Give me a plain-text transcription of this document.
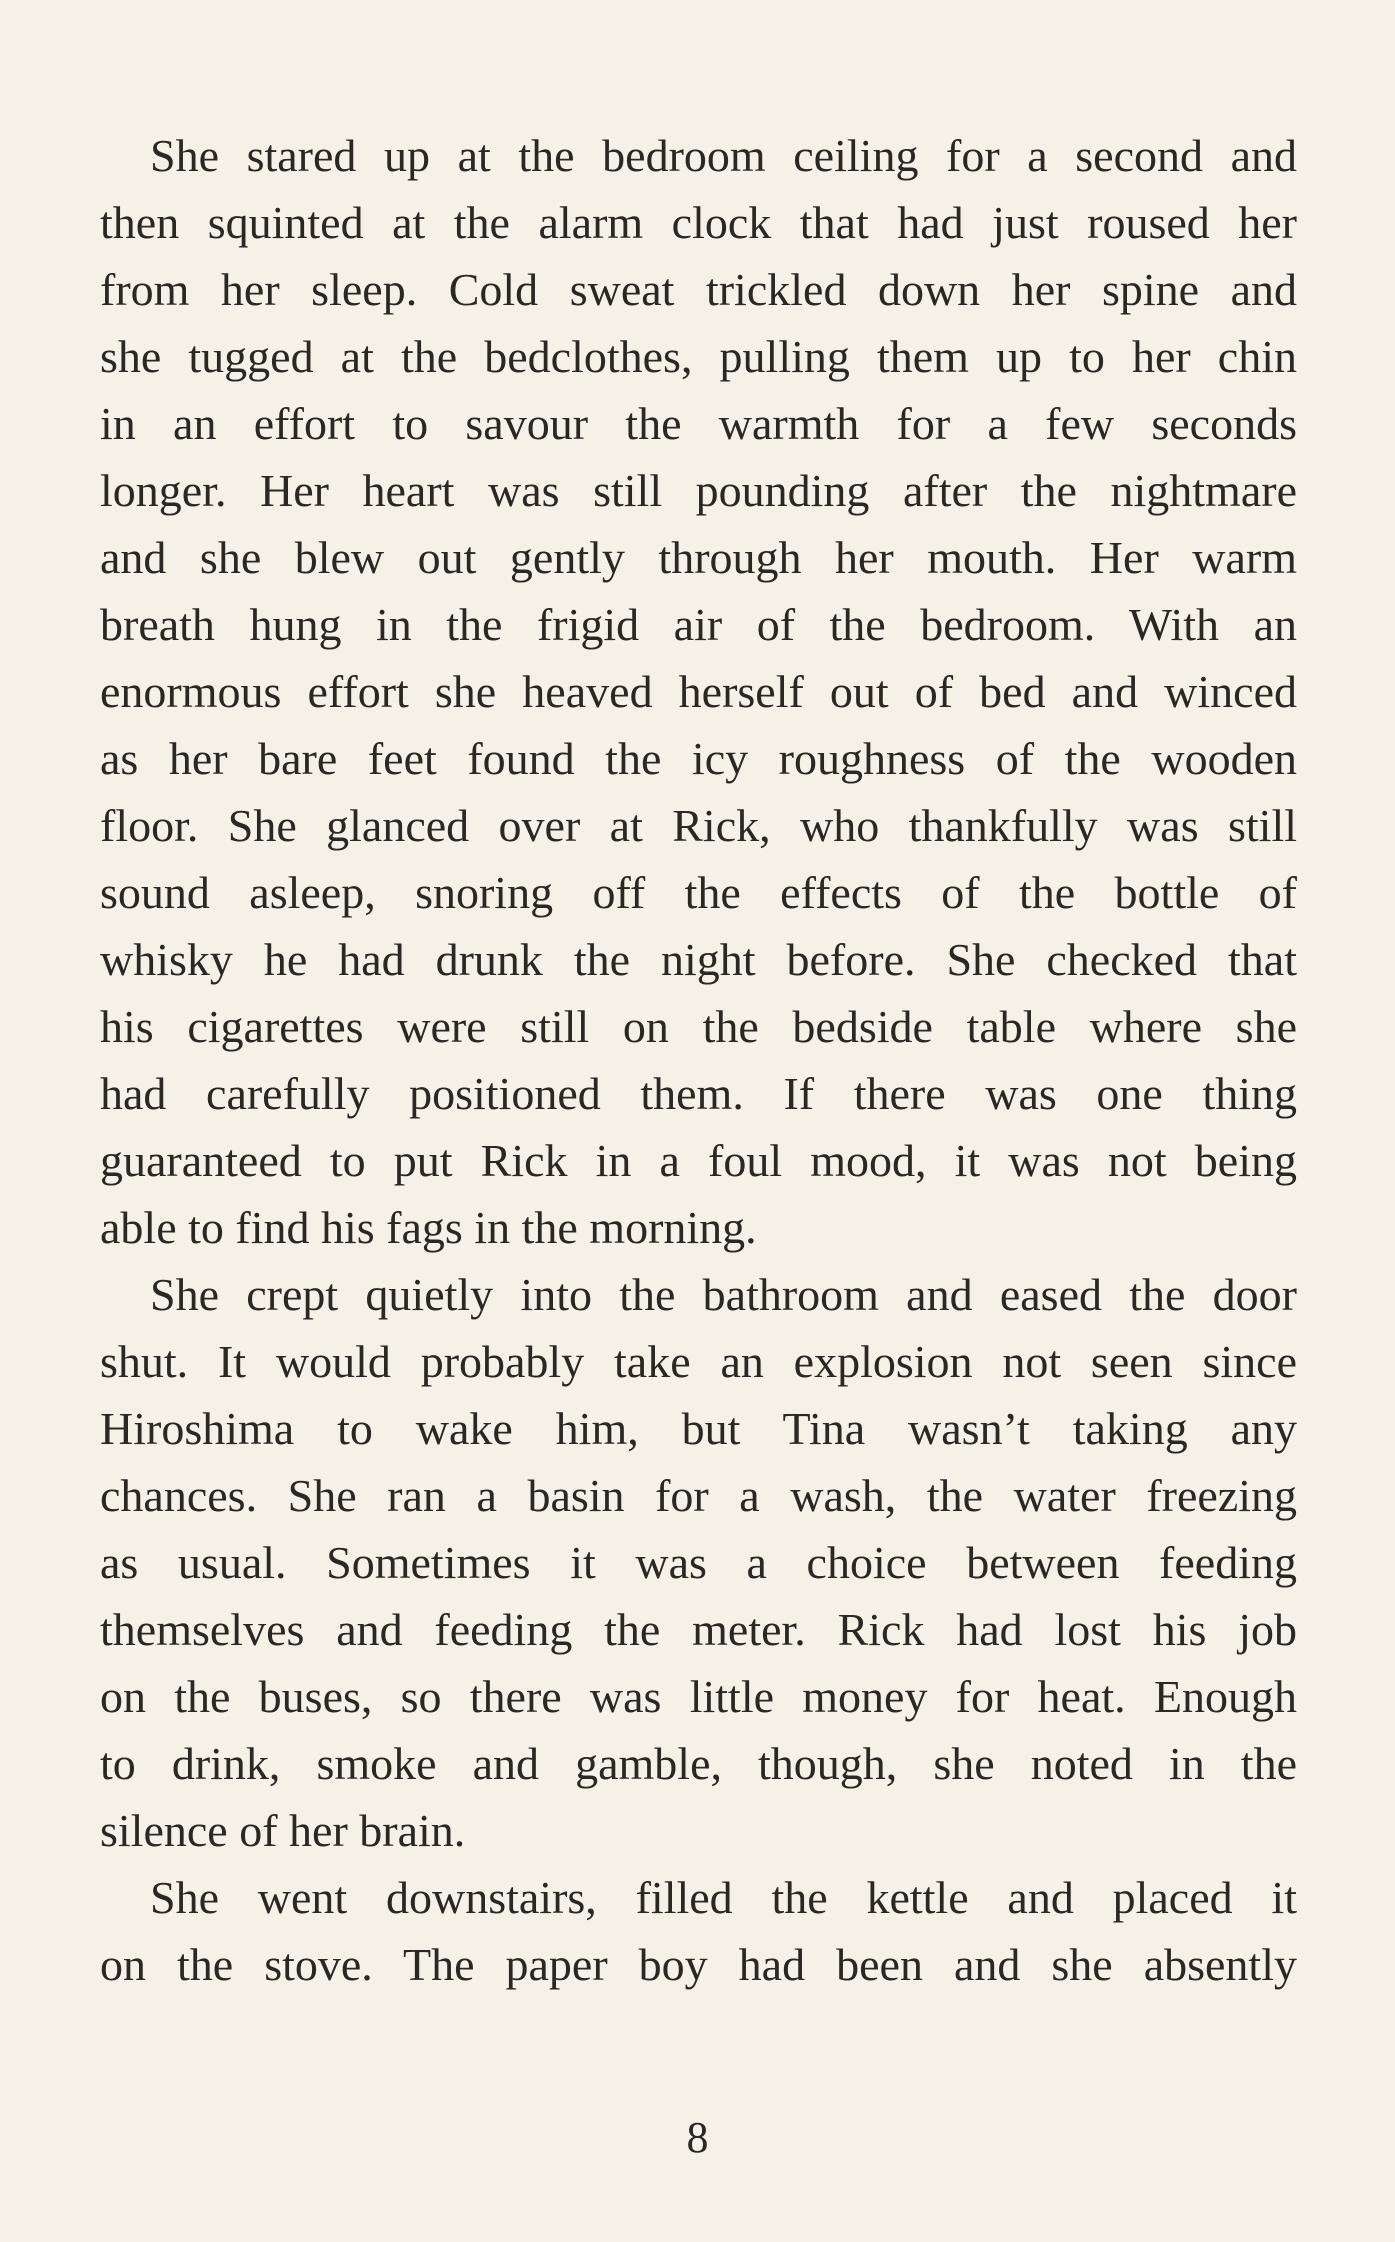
She stared up at the bedroom ceiling for a second and
then squinted at the alarm clock that had just roused her
from her sleep. Cold sweat trickled down her spine and
she tugged at the bedclothes, pulling them up to her chin
in an effort to savour the warmth for a few seconds
longer. Her heart was still pounding after the nightmare
and she blew out gently through her mouth. Her warm
breath hung in the frigid air of the bedroom. With an
enormous effort she heaved herself out of bed and winced
as her bare feet found the icy roughness of the wooden
floor. She glanced over at Rick, who thankfully was still
sound asleep, snoring off the effects of the bottle of
whisky he had drunk the night before. She checked that
his cigarettes were still on the bedside table where she
had carefully positioned them. If there was one thing
guaranteed to put Rick in a foul mood, it was not being
able to find his fags in the morning.
She crept quietly into the bathroom and eased the door
shut. It would probably take an explosion not seen since
Hiroshima to wake him, but Tina wasn’t taking any
chances. She ran a basin for a wash, the water freezing
as usual. Sometimes it was a choice between feeding
themselves and feeding the meter. Rick had lost his job
on the buses, so there was little money for heat. Enough
to drink, smoke and gamble, though, she noted in the
silence of her brain.
She went downstairs, filled the kettle and placed it
on the stove. The paper boy had been and she absently
8
